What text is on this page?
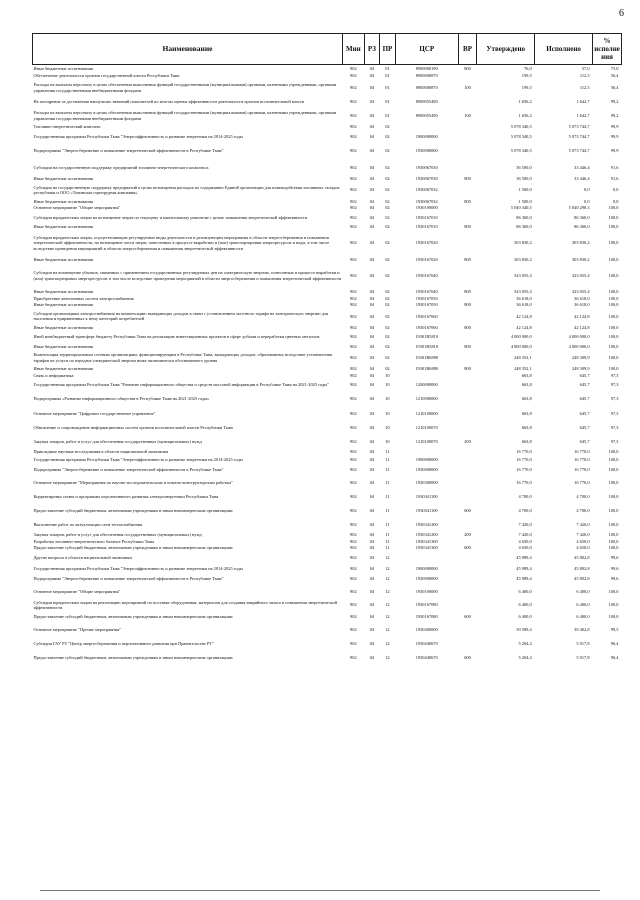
6
Наименование	Мин	РЗ	ПР	ЦСР	ВР	Утверждено	Исполнено	% исполне ния
Иные бюджетные ассигнования	902	04	01	8900000190	800	76,0	57,0	75,0
Обеспечение деятельности органов государственной власти Республики Тыва	902	04	01	8900000870		199,5	112,5	56,4
Расходы на выплаты персоналу в целях обеспечения выполнения функций государственными (муниципальными) органами, казенными учреждениями, органами управления государственными внебюджетными фондами	902	04	01	8900000870	100	199,5	112,5	56,4
На поощрение за достижения наилучших значений показателей по итогам оценки эффективности деятельности органов исполнительной власти	902	04	01	8900055490		1 656,2	1 642,7	99,2
Расходы на выплаты персоналу в целях обеспечения выполнения функций государственными (муниципальными) органами, казенными учреждениями, органами управления государственными внебюджетными фондами	902	04	01	8900055490	100	1 656,2	1 642,7	99,2
Топливно-энергетический комплекс	902	04	02			5 078 340,5	5 073 744,7	99,9
Государственная программа Республики Тыва "Энергоэффективность и развитие энергетики на 2014-2025 годы	902	04	02	1900000000		5 078 340,5	5 073 744,7	99,9
Подпрограмма "Энергосбережение и повышение энергетической эффективности в Республике Тыва"	902	04	02	1930000000		5 078 340,5	5 073 744,7	99,9
Субсидии на государственную поддержку предприятий топливно-энергетического комплекса	902	04	02	1930067030		36 500,0	33 446,4	91,6
Иные бюджетные ассигнования	902	04	02	1930067030	800	36 500,0	33 446,4	91,6
Субсидия на государственную поддержку предприятий в целях возмещения расходов по содержанию Единой организации для взаимодействия топливных складов республики и ООО «Тувинская горнорудная компания»	902	04	02	1930067032		1 500,0	0,0	0,0
Иные бюджетные ассигнования	902	04	02	1930067032	800	1 500,0	0,0	0,0
Основное мероприятие "Общие мероприятия"	902	04	02	1930100000		5 040 340,5	5 040 298,3	100,0
Субсидии юридическим лицам на возмещение затрат по текущему и капитальному ремонтам с целью повышения энергетической эффективности	902	04	02	1930167010		86 360,0	86 360,0	100,0
Иные бюджетные ассигнования	902	04	02	1930167010	800	86 360,0	86 360,0	100,0
Субсидии юридическим лицам, осуществляющим регулируемые виды деятельности и реализующим мероприятия в области энергосбережения и повышения энергетической эффективности, на возмещение части затрат, понесенных в процессе выработки и (или) транспортировки энергоресурсов и воды, в том числе вследствие проведения мероприятий в области энергосбережения и повышения энергетической эффективности	902	04	02	1930167020		303 830,2	303 830,2	100,0
Иные бюджетные ассигнования	902	04	02	1930167020	800	303 830,2	303 830,2	100,0
Субсидии на возмещение убытков, связанных с применением государственных регулируемых цен на электрическую энергию, понесенных в процессе выработки и (или) транспортировки энергоресурсов, в том числе вследствие проведения мероприятий в области энергосбережения и повышения энергетической эффективности	902	04	02	1930167040		323 055,4	323 055,4	100,0
Иные бюджетные ассигнования	902	04	02	1930167040	800	323 055,4	323 055,4	100,0
Приобретение автономных систем электроснабжения	902	04	02	1930167050		36 618,0	36 618,0	100,0
Иные бюджетные ассигнования	902	04	02	1930167050	800	36 618,0	36 618,0	100,0
Субсидии организациям электроснабжения на компенсацию выпадающих доходов в связи с установлением льготного тарифа на электрическую энергию для населения и приравненных к нему категорий потребителей	902	04	02	1930167060		42 124,8	42 124,8	100,0
Иные бюджетные ассигнования	902	04	02	1930167060	800	42 124,8	42 124,8	100,0
Иной межбюджетный трансферт бюджету Республики Тыва на реализацию инвестиционных проектов в сфере добычи и переработки цветных металлов	902	04	02	19301R5810		4 000 000,0	4 000 000,0	100,0
Иные бюджетные ассигнования	902	04	02	19301R5810	800	4 000 000,0	4 000 000,0	100,0
Компенсация территориальным сетевым организациям, функционирующим в Республике Тыва, выпадающих доходов, образованных вследствие установления тарифов на услуги по передаче электрической энергии ниже экономически обоснованного уровня	902	04	02	19301R6880		248 352,1	248 309,9	100,0
Иные бюджетные ассигнования	902	04	02	19301R6880	800	248 352,1	248 309,9	100,0
Связь и информатика	902	04	10			663,8	645,7	97,3
Государственная программа Республики Тыва "Развитие информационного общества и средств массовой информации в Республике Тыва на 2021-2025 годы"	902	04	10	1200000000		663,8	645,7	97,3
Подпрограмма «Развитие информационного общества в Республике Тыва на 2021-2025 годы»	902	04	10	1210000000		663,8	645,7	97,3
Основное мероприятие "Цифровое государственное управление"	902	04	10	1210100000		663,8	645,7	97,3
Обновление и сопровождение информационных систем органов исполнительной власти Республики Тыва	902	04	10	1210100070		663,8	645,7	97,3
Закупка товаров, работ и услуг для обеспечения государственных (муниципальных) нужд	902	04	10	1210100070	200	663,8	645,7	97,3
Прикладные научные исследования в области национальной экономики	902	04	11			16 770,0	16 770,0	100,0
Государственная программа Республики Тыва "Энергоэффективность и развитие энергетики на 2014-2025 годы	902	04	11	1900000000		16 770,0	16 770,0	100,0
Подпрограмма "Энергосбережение и повышение энергетической эффективности в Республике Тыва"	902	04	11	1930000000		16 770,0	16 770,0	100,0
Основное мероприятие "Мероприятия по научно-исследовательским и опытно-конструкторским работам"	902	04	11	1930300000		16 770,0	16 770,0	100,0
Корректировка схемы и программы перспективного развития электроэнергетики Республики Тыва	902	04	11	1930341100		4 700,0	4 700,0	100,0
Предоставление субсидий бюджетным, автономным учреждениям и иным некоммерческим организациям	902	04	11	1930341100	600	4 700,0	4 700,0	100,0
Выполнение работ по актуализации схем теплоснабжения	902	04	11	1930341200		7 420,0	7 420,0	100,0
Закупка товаров, работ и услуг для обеспечения государственных (муниципальных) нужд	902	04	11	1930341200	200	7 420,0	7 420,0	100,0
Разработка топливно-энергетического баланса Республики Тыва	902	04	11	1930341300		4 650,0	4 650,0	100,0
Предоставление субсидий бюджетным, автономным учреждениям и иным некоммерческим организациям	902	04	11	1930341300	600	4 650,0	4 650,0	100,0
Другие вопросы в области национальной экономики	902	04	12			45 989,4	45 802,8	99,6
Государственная программа Республики Тыва "Энергоэффективность и развитие энергетики на 2014-2025 годы	902	04	12	1900000000		45 989,4	45 802,8	99,6
Подпрограмма "Энергосбережение и повышение энергетической эффективности в Республике Тыва"	902	04	12	1930000000		45 989,4	45 802,8	99,6
Основное мероприятие "Общие мероприятия"	902	04	12	1930100000		6 400,0	6 400,0	100,0
Субсидии юридическим лицам на реализацию мероприятий по поставке оборудования, материалов для создания аварийного запаса и повышения энергетической эффективности	902	04	12	1930167080		6 400,0	6 400,0	100,0
Предоставление субсидий бюджетным, автономным учреждениям и иным некоммерческим организациям	902	04	12	1930167080	600	6 400,0	6 400,0	100,0
Основное мероприятие "Прочие мероприятия"	902	04	12	1930400000		39 589,4	39 402,8	99,5
Субсидии ГАУ РТ "Центр энергосбережения и перспективного развития при Правительстве РТ"	902	04	12	1930440670		5 204,4	5 017,8	96,4
Предоставление субсидий бюджетным, автономным учреждениям и иным некоммерческим организациям	902	04	12	1930440670	600	5 204,4	5 017,8	96,4
